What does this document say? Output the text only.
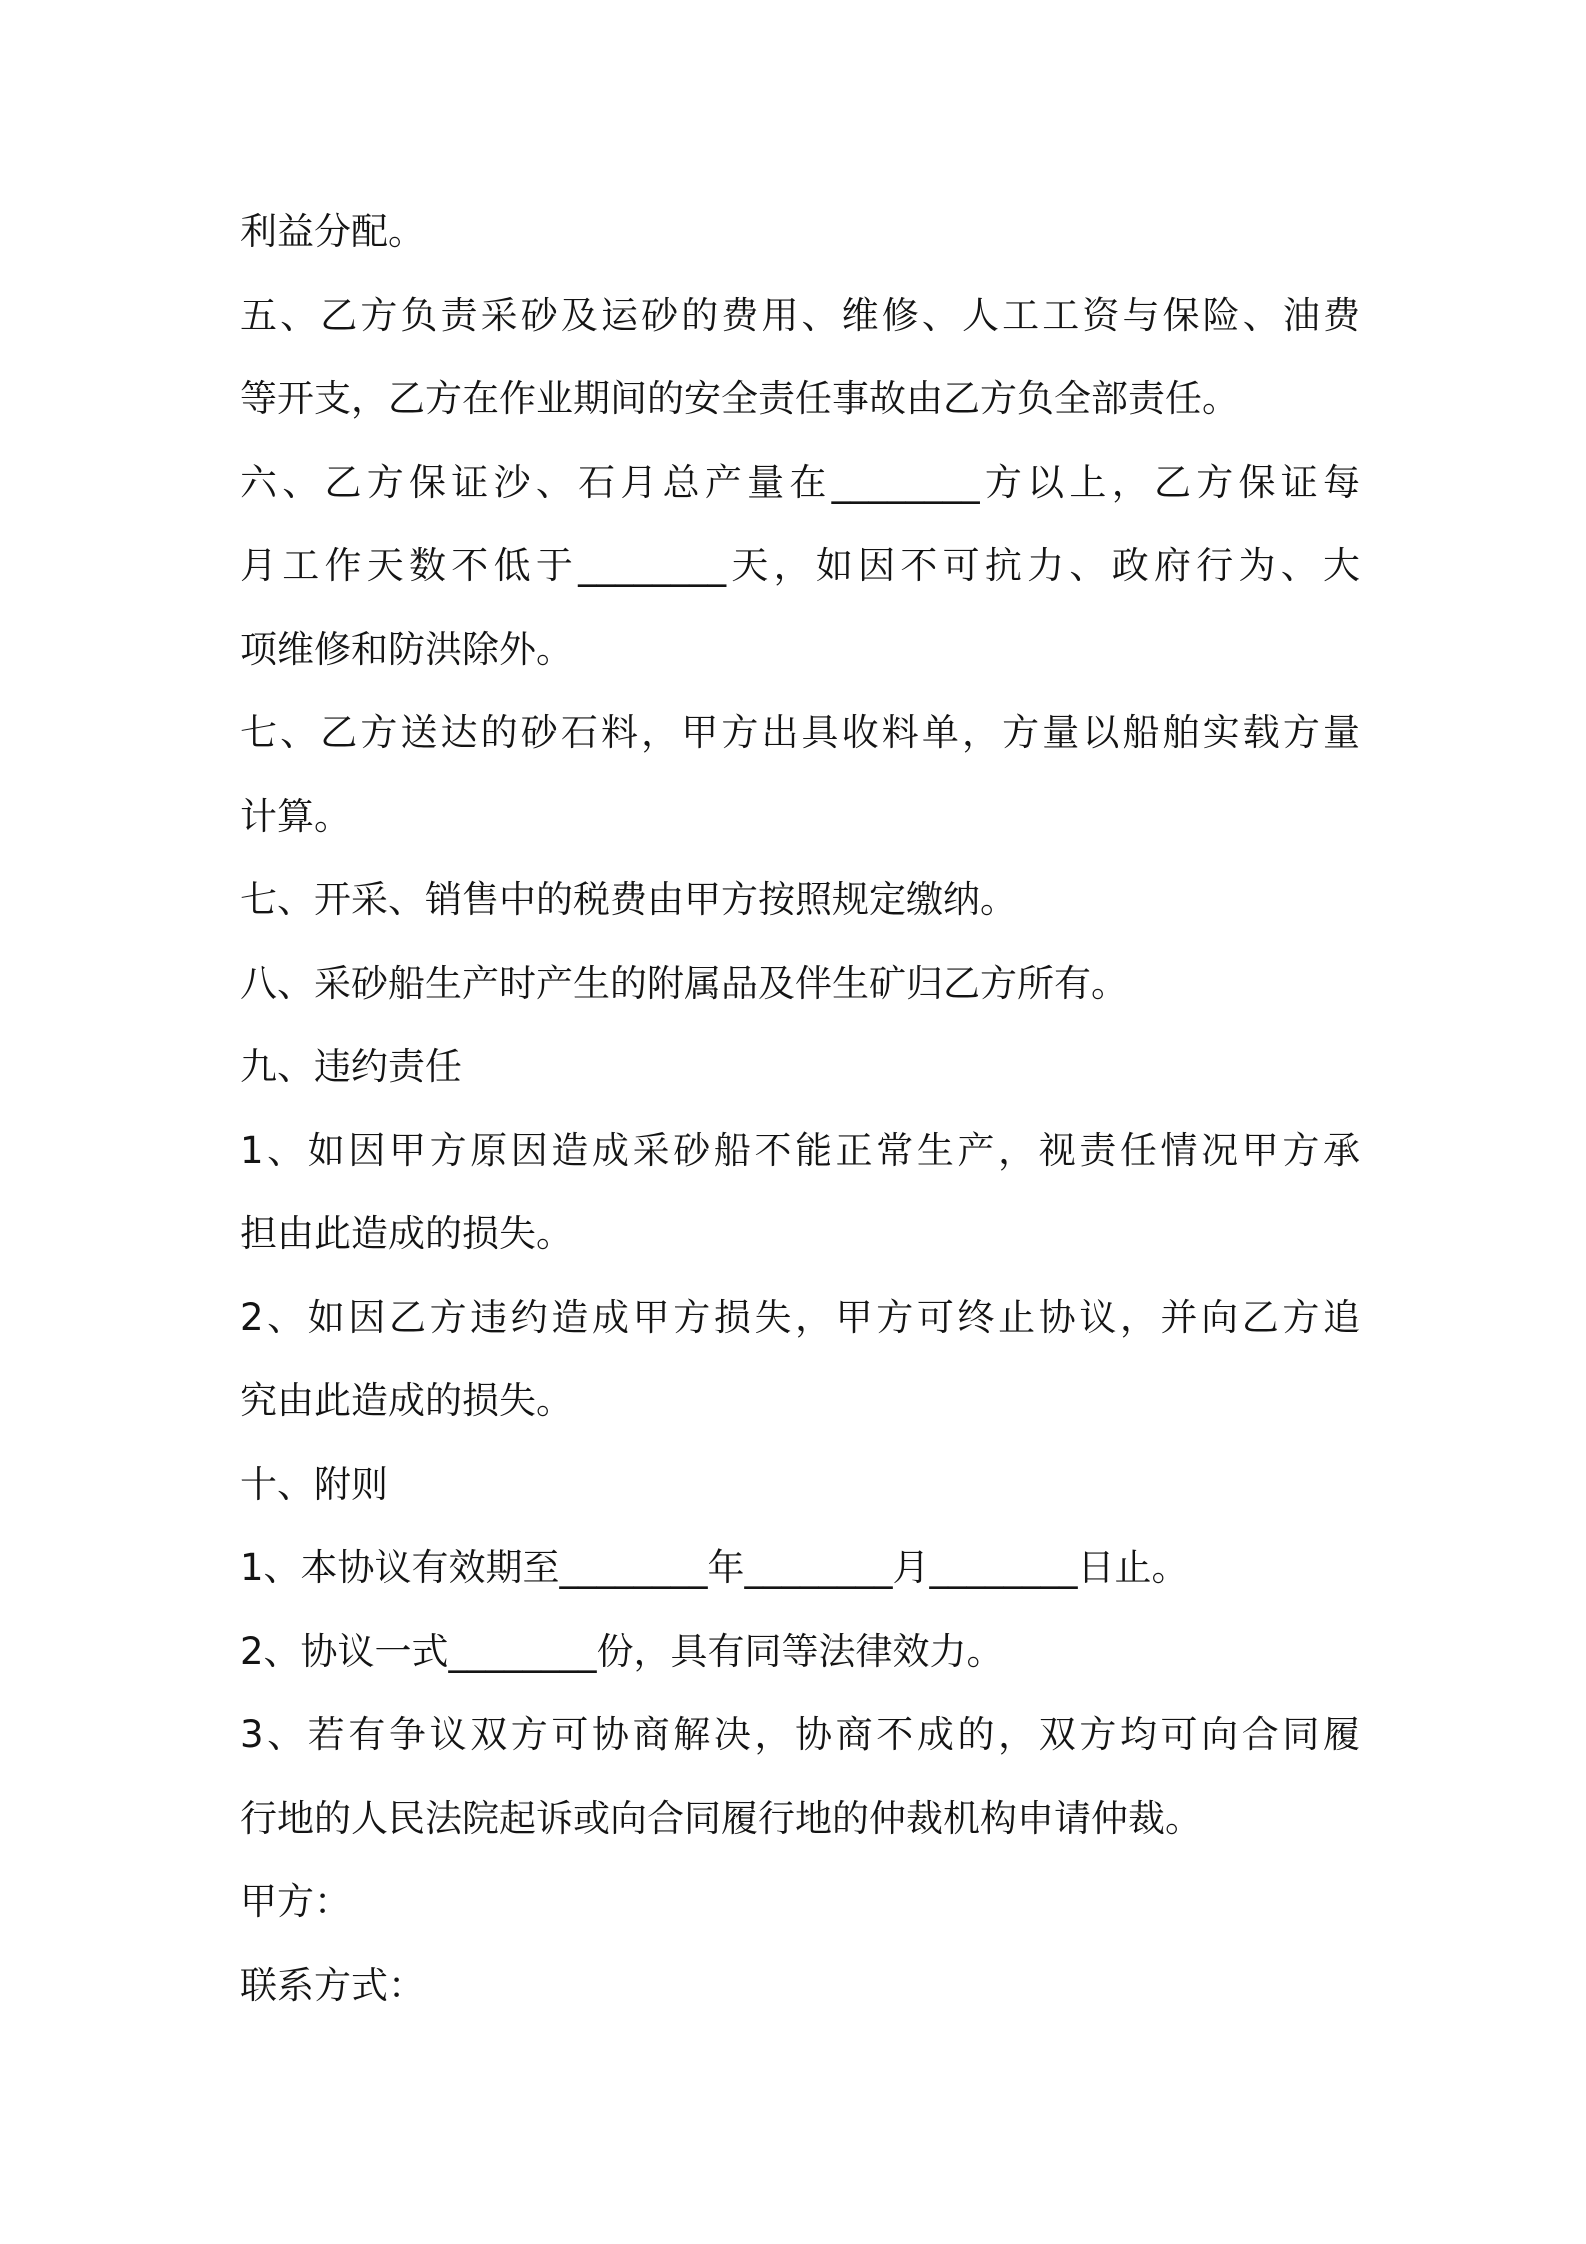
利益分配。
五、乙方负责采砂及运砂的费用、维修、人工工资与保险、油费
等开支，乙方在作业期间的安全责任事故由乙方负全部责任。
六、乙方保证沙、石月总产量在________方以上，乙方保证每
月工作天数不低于________天，如因不可抗力、政府行为、大
项维修和防洪除外。
七、乙方送达的砂石料，甲方出具收料单，方量以船舶实载方量
计算。
七、开采、销售中的税费由甲方按照规定缴纳。
八、采砂船生产时产生的附属品及伴生矿归乙方所有。
九、违约责任
1、如因甲方原因造成采砂船不能正常生产，视责任情况甲方承
担由此造成的损失。
2、如因乙方违约造成甲方损失，甲方可终止协议，并向乙方追
究由此造成的损失。
十、附则
1、本协议有效期至________年________月________日止。
2、协议一式________份，具有同等法律效力。
3、若有争议双方可协商解决，协商不成的，双方均可向合同履
行地的人民法院起诉或向合同履行地的仲裁机构申请仲裁。
甲方：
联系方式：
